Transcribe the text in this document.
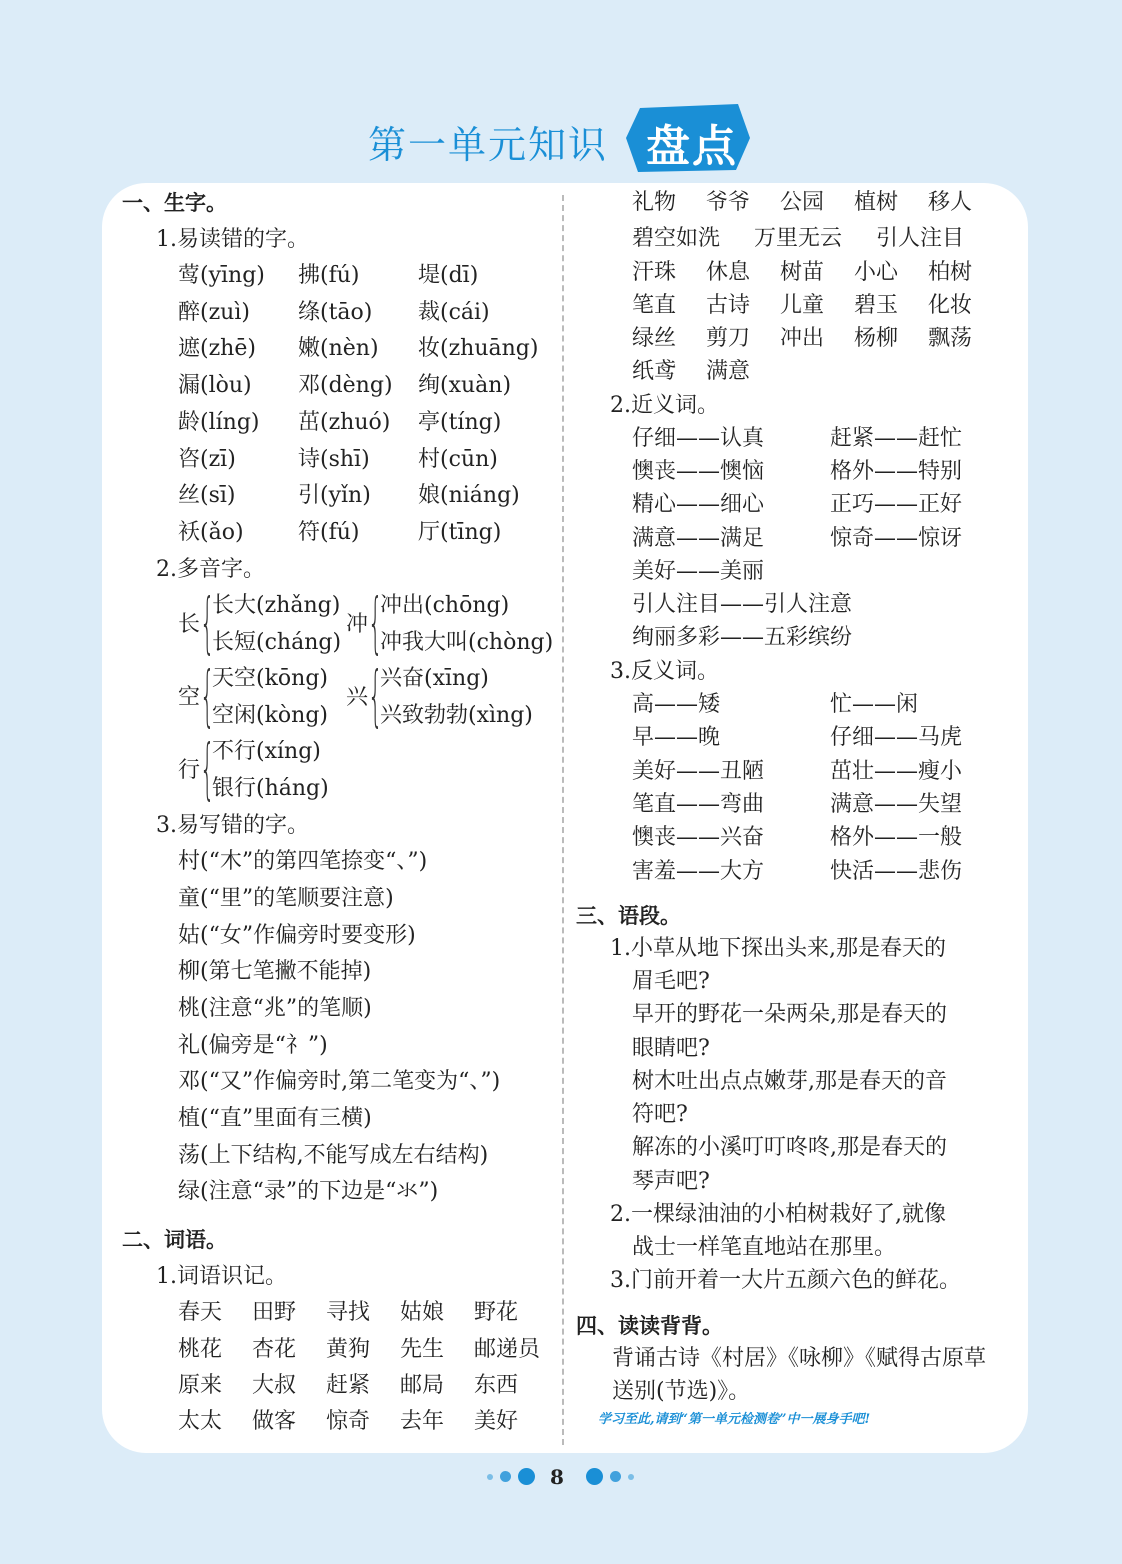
第一单元知识 盘点
一、生字。
1.易读错的字。
莺(yīng) 拂(fú)	堤(dī)
醉(zuì) 绦(tāo) 裁(cái)
遮(zhē) 嫩(nèn) 妆(zhuāng)
漏(lòu) 邓(dèng) 绚(xuàn)
龄(líng) 茁(zhuó) 亭(tíng)
咨(zī)	诗(shī) 村(cūn)
丝(sī)	引(yǐn) 娘(niáng)
袄(ǎo) 符(fú)	厅(tīng)
2.多音字。
长 {
长大(zhǎng)
长短(cháng)
冲 {
冲出(chōng)
冲我大叫(chòng)
空 {
天空(kōng)
空闲(kòng)
兴 {
兴奋(xīng)
兴致勃勃(xìng)
行 {
不行(xíng)
银行(háng)
3.易写错的字。
村(“木”的第四笔捺变“、”)
童(“里”的笔顺要注意)
姑(“女”作偏旁时要变形)
柳(第七笔撇不能掉)
桃(注意“兆”的笔顺)
礼(偏旁是“礻”)
邓(“又”作偏旁时,第二笔变为“、”)
植(“直”里面有三横)
荡(上下结构,不能写成左右结构)
绿(注意“录”的下边是“氺”)
二、词语。
1.词语识记。
春天 田野 寻找 姑娘 野花
桃花 杏花 黄狗 先生 邮递员
原来 大叔 赶紧 邮局 东西
太太 做客 惊奇 去年 美好
礼物 爷爷 公园 植树 移人
碧空如洗 万里无云 引人注目
汗珠 休息 树苗 小心 柏树
笔直 古诗 儿童 碧玉 化妆
绿丝 剪刀 冲出 杨柳 飘荡
纸鸢 满意
2.近义词。
仔细——认真	赶紧——赶忙
懊丧——懊恼	格外——特别
精心——细心	正巧——正好
满意——满足	惊奇——惊讶
美好——美丽
引人注目——引人注意
绚丽多彩——五彩缤纷
3.反义词。
高——矮	忙——闲
早——晚	仔细——马虎
美好——丑陋	茁壮——瘦小
笔直——弯曲	满意——失望
懊丧——兴奋	格外——一般
害羞——大方	快活——悲伤
三、语段。
1.小草从地下探出头来,那是春天的
眉毛吧?
早开的野花一朵两朵,那是春天的
眼睛吧?
树木吐出点点嫩芽,那是春天的音
符吧?
解冻的小溪叮叮咚咚,那是春天的
琴声吧?
2.一棵绿油油的小柏树栽好了,就像
战士一样笔直地站在那里。
3.门前开着一大片五颜六色的鲜花。
四、读读背背。
背诵古诗《村居》《咏柳》《赋得古原草
送别(节选)》。
学习至此,请到“第一单元检测卷”中一展身手吧!
8
